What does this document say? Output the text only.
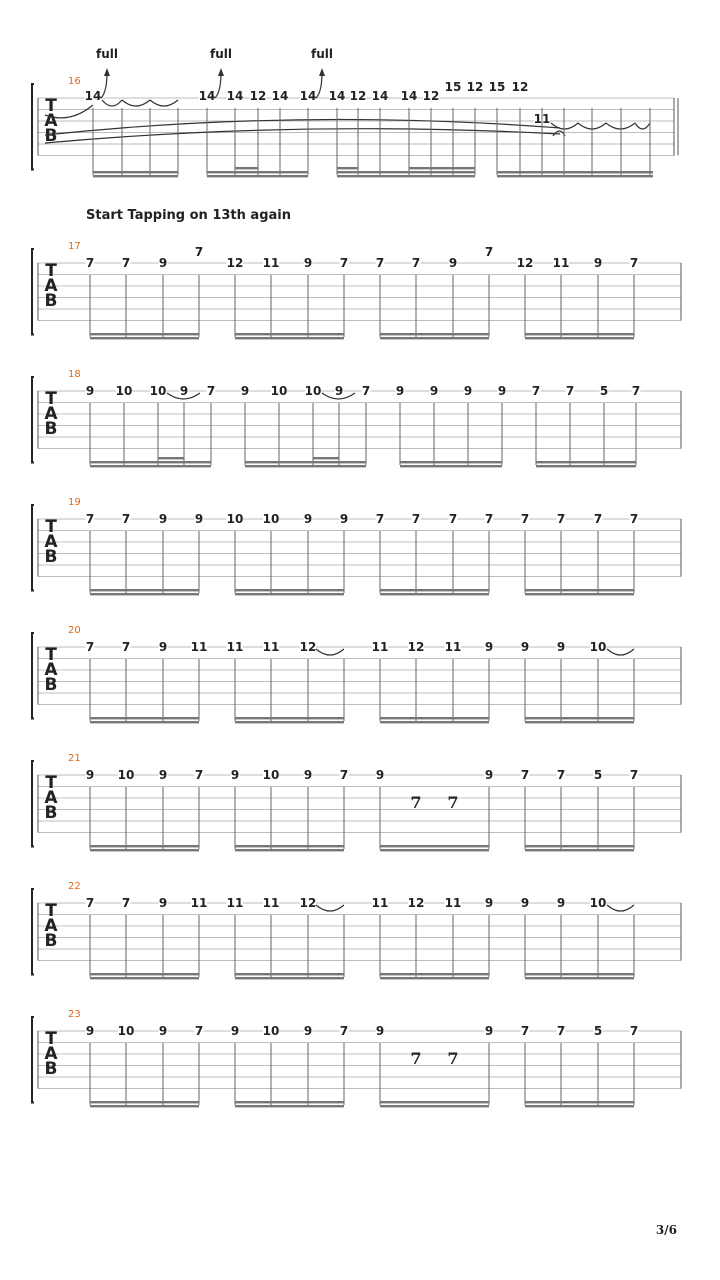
T
A
B
16
14
full
14
full
14 12 14 14
full
14 12 14 14 12
15 12 15 12
11
T
A
B
17
7 7 9
7
12 11 9 7 7 7 9
7
12 11 9 7
T
A
B
18
9 10 10 9 7 9 10 10 9 7 9 9 9 9 7 7 5 7
T
A
B
19
7 7 9 9 10 10 9 9 7 7 7 7 7 7 7 7
T
A
B
20
7 7 9 11 11 11 12	11 12 11 9 9 9 10
T
A
B
21
9 10 9 7 9 10 9 7 9	9 7 7 5 7
7 7
T
A
B
22
7 7 9 11 11 11 12	11 12 11 9 9 9 10
T
A
B
23
9 10 9 7 9 10 9 7 9	9 7 7 5 7
7 7
Start Tapping on 13th again
3/6
